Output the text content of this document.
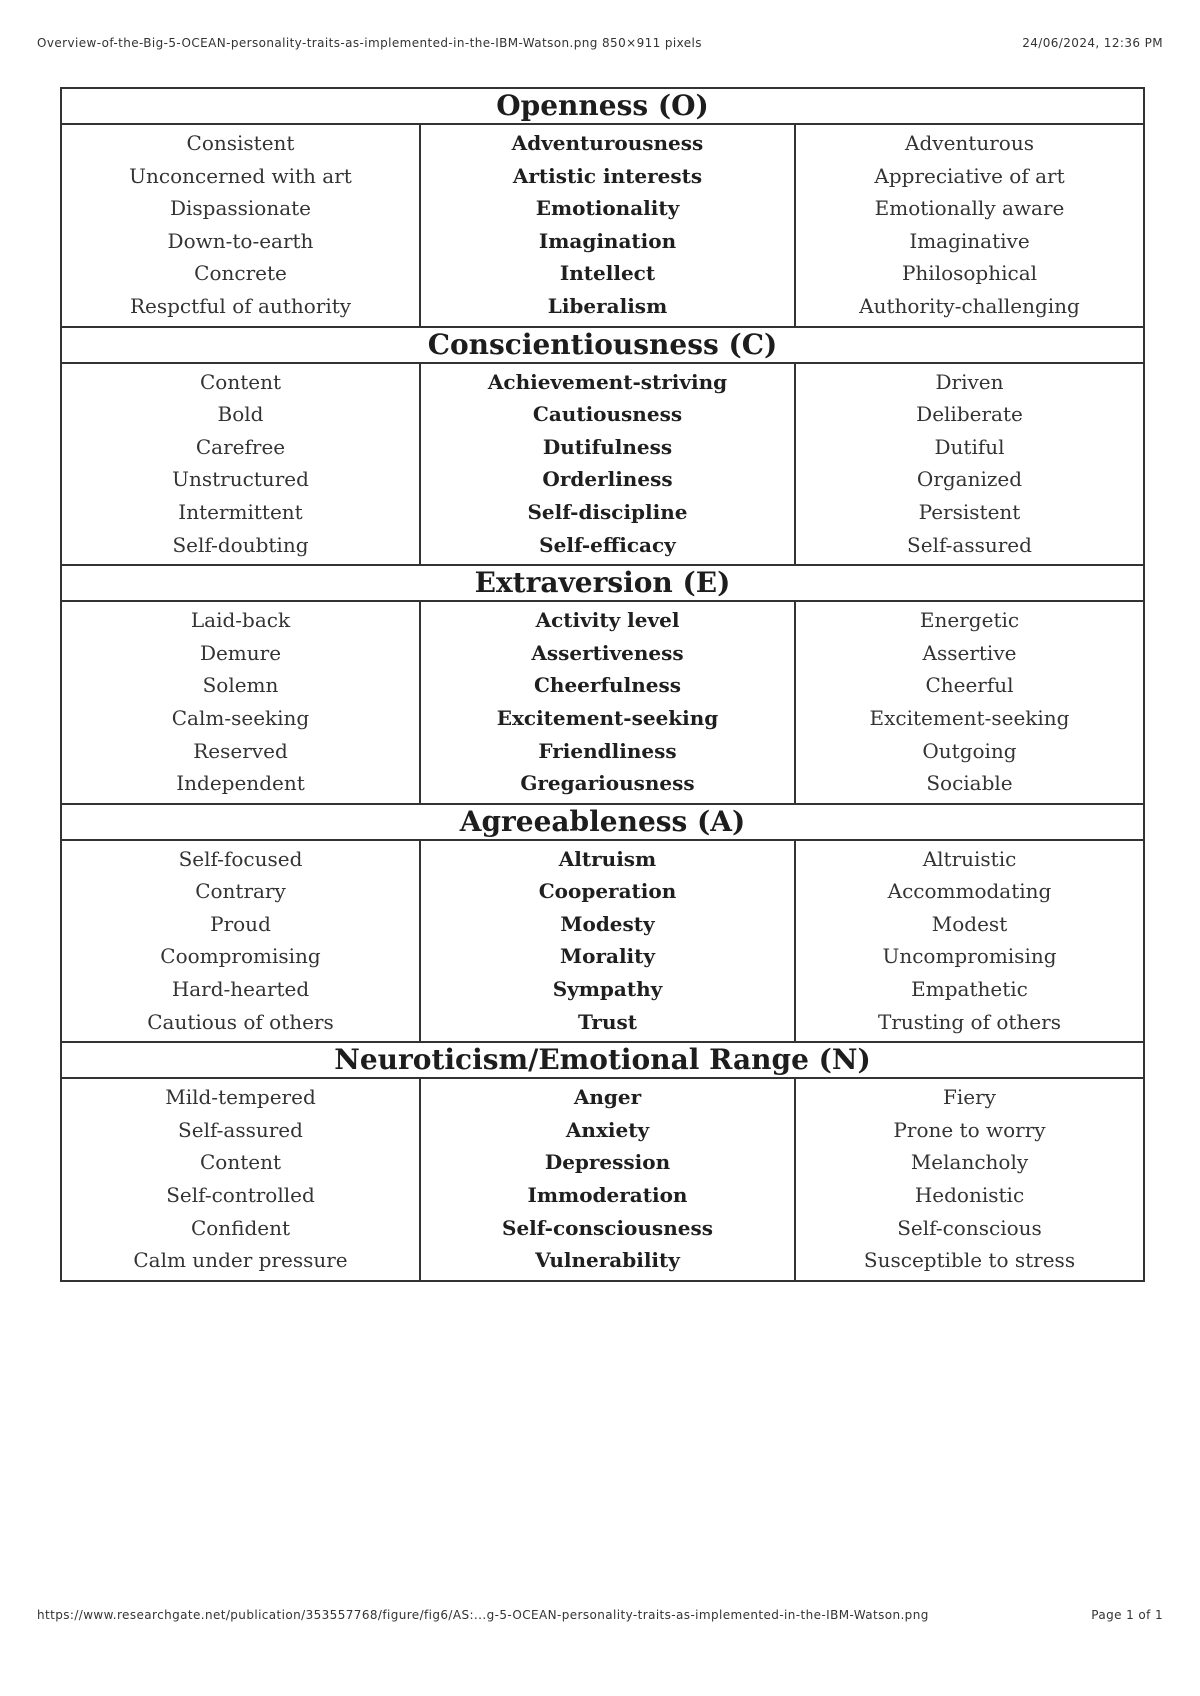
Overview-of-the-Big-5-OCEAN-personality-traits-as-implemented-in-the-IBM-Watson.png 850×911 pixels	24/06/2024, 12:36 PM
Openness (O)
Consistent
Unconcerned with art
Dispassionate
Down-to-earth
Concrete
Respctful of authority
Adventurousness
Artistic interests
Emotionality
Imagination
Intellect
Liberalism
Adventurous
Appreciative of art
Emotionally aware
Imaginative
Philosophical
Authority-challenging
Conscientiousness (C)
Content
Bold
Carefree
Unstructured
Intermittent
Self-doubting
Achievement-striving
Cautiousness
Dutifulness
Orderliness
Self-discipline
Self-efficacy
Driven
Deliberate
Dutiful
Organized
Persistent
Self-assured
Extraversion (E)
Laid-back
Demure
Solemn
Calm-seeking
Reserved
Independent
Activity level
Assertiveness
Cheerfulness
Excitement-seeking
Friendliness
Gregariousness
Energetic
Assertive
Cheerful
Excitement-seeking
Outgoing
Sociable
Agreeableness (A)
Self-focused
Contrary
Proud
Coompromising
Hard-hearted
Cautious of others
Altruism
Cooperation
Modesty
Morality
Sympathy
Trust
Altruistic
Accommodating
Modest
Uncompromising
Empathetic
Trusting of others
Neuroticism/Emotional Range (N)
Mild-tempered
Self-assured
Content
Self-controlled
Confident
Calm under pressure
Anger
Anxiety
Depression
Immoderation
Self-consciousness
Vulnerability
Fiery
Prone to worry
Melancholy
Hedonistic
Self-conscious
Susceptible to stress
https://www.researchgate.net/publication/353557768/figure/fig6/AS:...g-5-OCEAN-personality-traits-as-implemented-in-the-IBM-Watson.png	Page 1 of 1
